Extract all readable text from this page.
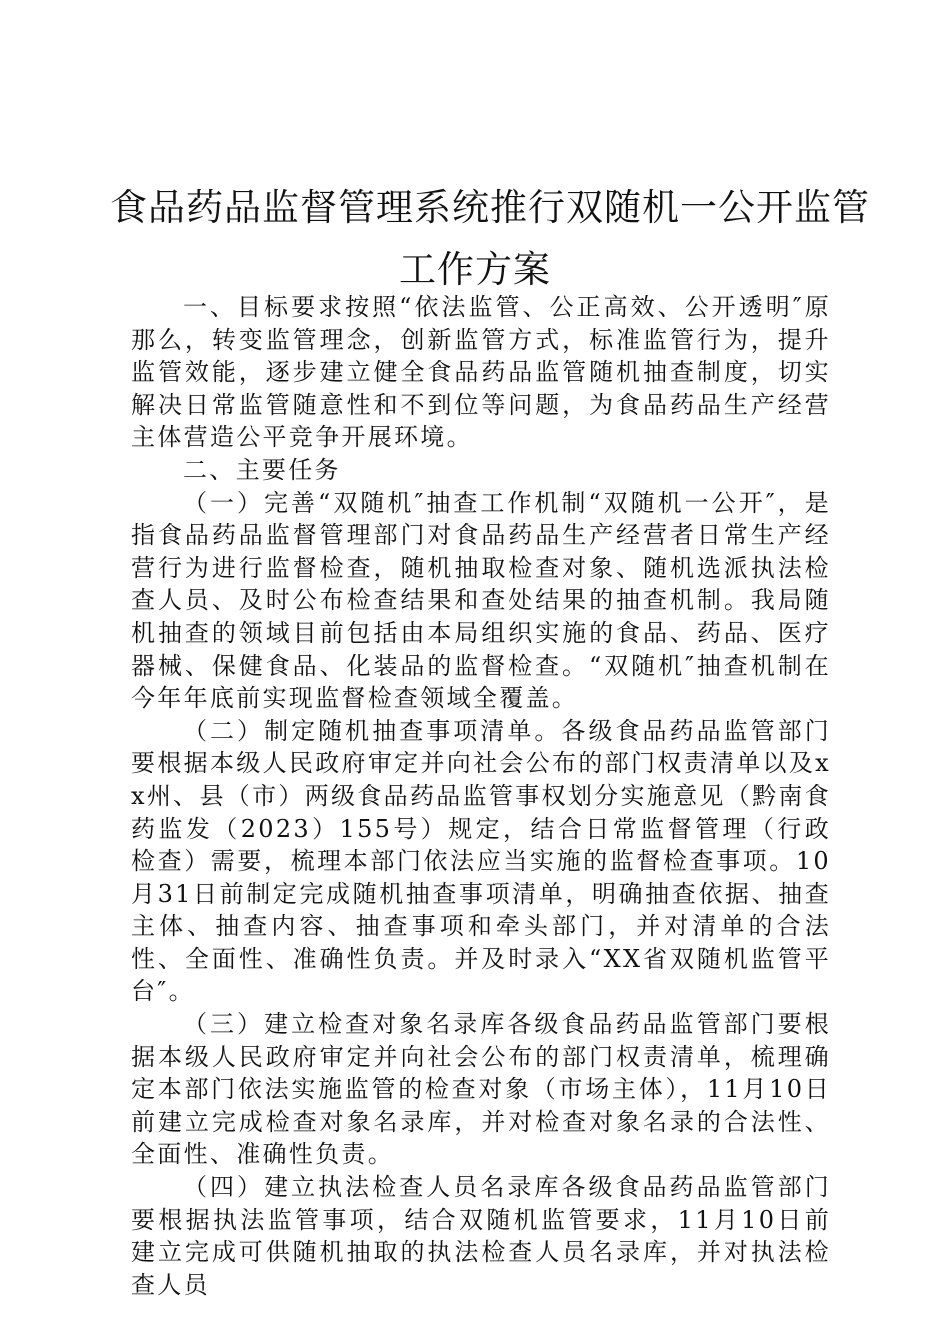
食品药品监督管理系统推行双随机一公开监管
工作方案

一、目标要求按照“依法监管、公正高效、公开透明″原那么，转变监管理念，创新监管方式，标准监管行为，提升监管效能，逐步建立健全食品药品监管随机抽查制度，切实解决日常监管随意性和不到位等问题，为食品药品生产经营主体营造公平竞争开展环境。

二、主要任务

（一）完善“双随机″抽查工作机制“双随机一公开″，是指食品药品监督管理部门对食品药品生产经营者日常生产经营行为进行监督检查，随机抽取检查对象、随机选派执法检查人员、及时公布检查结果和查处结果的抽查机制。我局随机抽查的领域目前包括由本局组织实施的食品、药品、医疗器械、保健食品、化装品的监督检查。“双随机″抽查机制在今年年底前实现监督检查领域全覆盖。

（二）制定随机抽查事项清单。各级食品药品监管部门要根据本级人民政府审定并向社会公布的部门权责清单以及xx州、县（市）两级食品药品监管事权划分实施意见（黔南食药监发（2023）155号）规定，结合日常监督管理（行政检查）需要，梳理本部门依法应当实施的监督检查事项。10月31日前制定完成随机抽查事项清单，明确抽查依据、抽查主体、抽查内容、抽查事项和牵头部门，并对清单的合法性、全面性、准确性负责。并及时录入“XX省双随机监管平台″。

（三）建立检查对象名录库各级食品药品监管部门要根据本级人民政府审定并向社会公布的部门权责清单，梳理确定本部门依法实施监管的检查对象（市场主体），11月10日前建立完成检查对象名录库，并对检查对象名录的合法性、全面性、准确性负责。

（四）建立执法检查人员名录库各级食品药品监管部门要根据执法监管事项，结合双随机监管要求，11月10日前建立完成可供随机抽取的执法检查人员名录库，并对执法检查人员
